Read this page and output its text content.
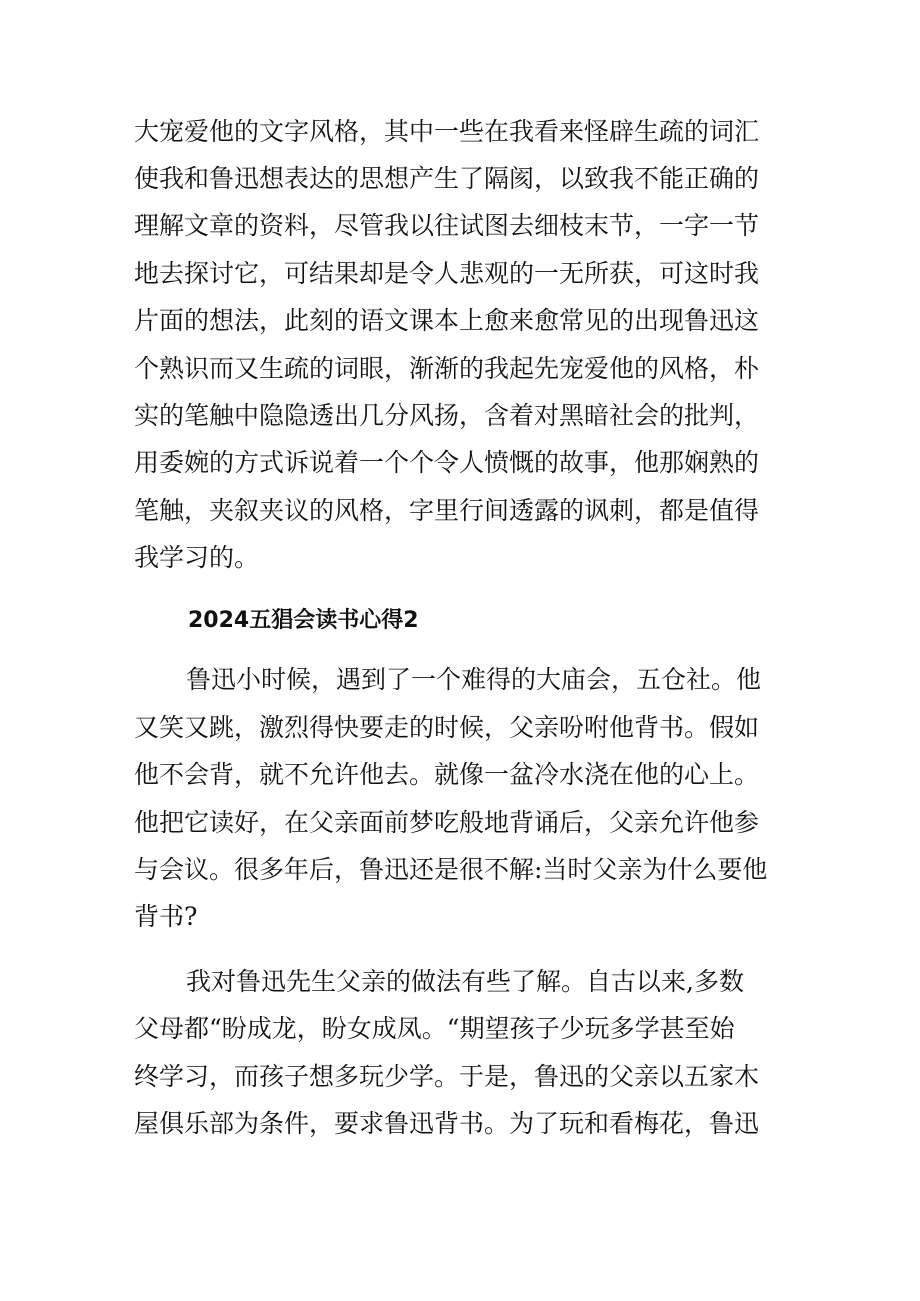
大宠爱他的文字风格，其中一些在我看来怪辟生疏的词汇

使我和鲁迅想表达的思想产生了隔阂，以致我不能正确的

理解文章的资料，尽管我以往试图去细枝末节，一字一节

地去探讨它，可结果却是令人悲观的一无所获，可这时我

片面的想法，此刻的语文课本上愈来愈常见的出现鲁迅这

个熟识而又生疏的词眼，渐渐的我起先宠爱他的风格，朴

实的笔触中隐隐透出几分风扬，含着对黑暗社会的批判，

用委婉的方式诉说着一个个令人愤慨的故事，他那娴熟的

笔触，夹叙夹议的风格，字里行间透露的讽刺，都是值得

我学习的。

2024五猖会读书心得2

鲁迅小时候，遇到了一个难得的大庙会，五仓社。他

又笑又跳，激烈得快要走的时候，父亲吩咐他背书。假如

他不会背，就不允许他去。就像一盆冷水浇在他的心上。

他把它读好，在父亲面前梦吃般地背诵后，父亲允许他参

与会议。很多年后，鲁迅还是很不解:当时父亲为什么要他

背书?

我对鲁迅先生父亲的做法有些了解。自古以来,多数

父母都“盼成龙，盼女成凤。“期望孩子少玩多学甚至始

终学习，而孩子想多玩少学。于是，鲁迅的父亲以五家木

屋俱乐部为条件，要求鲁迅背书。为了玩和看梅花，鲁迅
